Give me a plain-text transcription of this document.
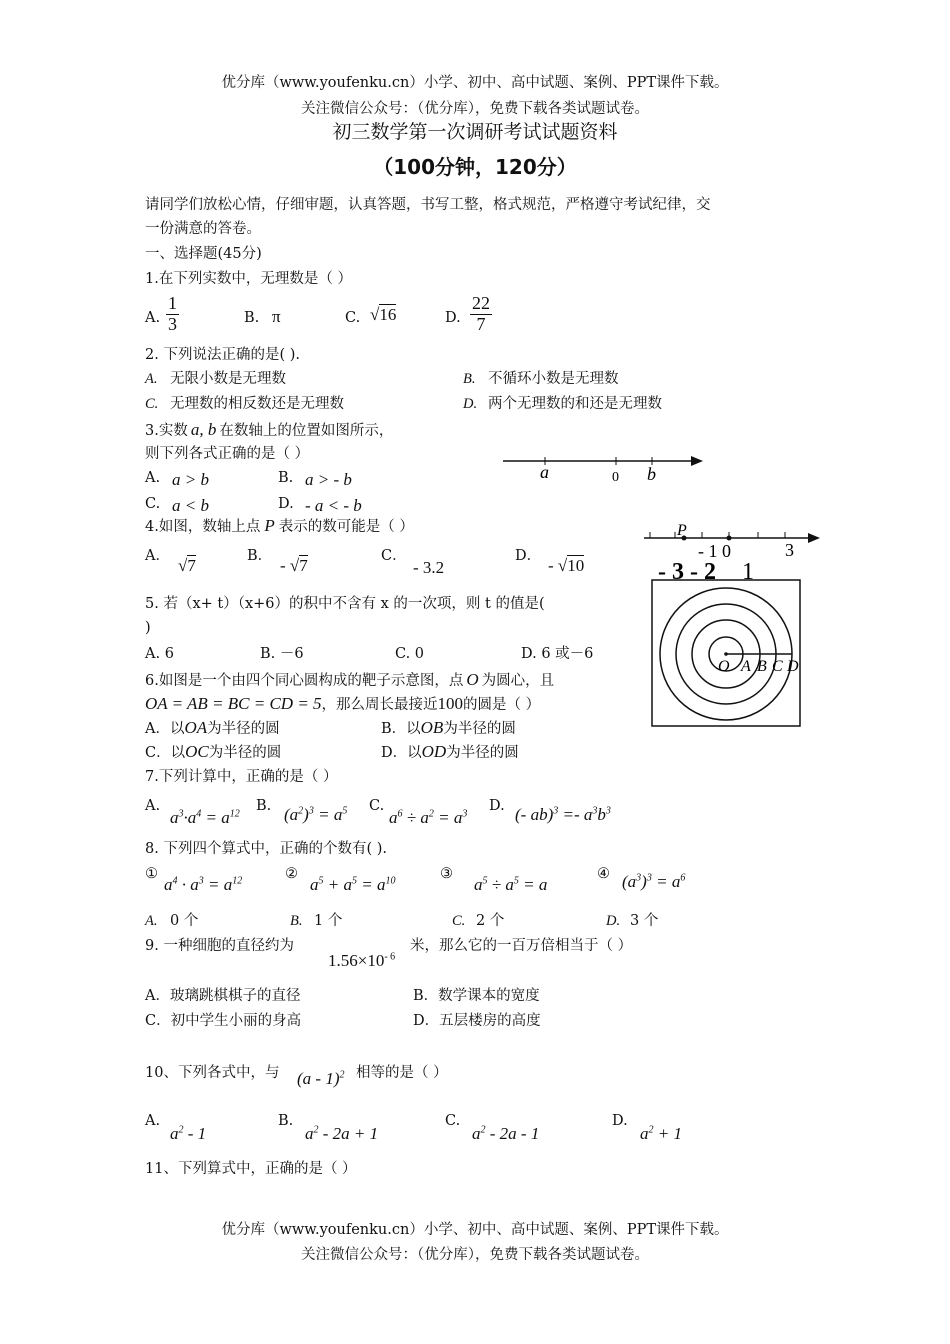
优分库（www.youfenku.cn）小学、初中、高中试题、案例、PPT课件下载。
关注微信公众号：（优分库），免费下载各类试题试卷。
初三数学第一次调研考试试题资料
（100分钟，120分）
请同学们放松心情，仔细审题，认真答题，书写工整，格式规范，严格遵守考试纪律，交
一份满意的答卷。
一、选择题(45分)
1.在下列实数中，无理数是（ ）
A. $\frac{1}{3}$	B. π	C. √16	D. $\frac{22}{7}$
2. 下列说法正确的是( ).
A. 无限小数是无理数	B. 不循环小数是无理数
C. 无理数的相反数还是无理数	D. 两个无理数的和还是无理数
3.实数 a, b 在数轴上的位置如图所示，
则下列各式正确的是（ ）
A. a > b	B. a > - b
C. a < b	D. - a < - b
a	0 b
4.如图，数轴上点 P 表示的数可能是（ ）
A． √7	B． - √7	C．
- 3.2
D． - √10
P
- 1 0	3
- 3 - 2 1
5. 若（x+ t）（x+6）的积中不含有 x 的一次项，则 t 的值是(
)
A. 6	B. －6	C. 0	D. 6 或－6
O A B C D
6.如图是一个由四个同心圆构成的靶子示意图，点 O 为圆心，且
OA = AB = BC = CD = 5，那么周长最接近100的圆是（ ）
A．以OA为半径的圆	B．以OB为半径的圆
C．以OC为半径的圆	D．以OD为半径的圆
7.下列计算中，正确的是（ ）
A.
$a^3\cdot a^4 = a^{12}$ B. $(a^2)^3 = a^5$ C.
$a^6 \div a^2 = a^3$ D. (- $ab)^3 =- a^3b^3$
8. 下列四个算式中，正确的个数有( ).
①
$a^4 \cdot a^3 = a^{12}$	②
$a^5 + a^5 = a^{10}$	③
$a^5 \div a^5 = a$
④ $(a^3)^3 = a^6$
A. 0 个	B. 1 个	C. 2 个	D. 3 个
9. 一种细胞的直径约为
$1.56\times 10^{- 6}$
米，那么它的一百万倍相当于（ ）
A．玻璃跳棋棋子的直径	B．数学课本的宽度
C．初中学生小丽的身高	D．五层楼房的高度
10、下列各式中，与 (a - 1)$^2$ 相等的是（ ）
A.
$a^2 - 1$
B.
$a^2 - 2a + 1$
C.
$a^2 - 2a - 1$
D.
$a^2 + 1$
11、下列算式中，正确的是（ ）
优分库（www.youfenku.cn）小学、初中、高中试题、案例、PPT课件下载。
关注微信公众号：（优分库），免费下载各类试题试卷。
